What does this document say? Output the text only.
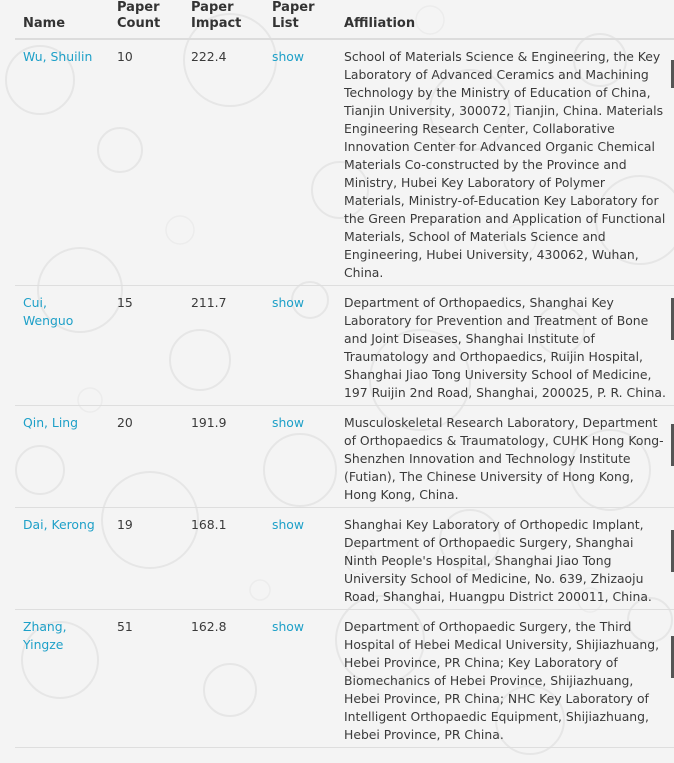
Name	Paper Count	Paper Impact	Paper List	Affiliation
Wu, Shuilin	10	222.4	show	School of Materials Science & Engineering, the Key Laboratory of Advanced Ceramics and Machining Technology by the Ministry of Education of China, Tianjin University, 300072, Tianjin, China. Materials Engineering Research Center, Collaborative Innovation Center for Advanced Organic Chemical Materials Co-constructed by the Province and Ministry, Hubei Key Laboratory of Polymer Materials, Ministry-of-Education Key Laboratory for the Green Preparation and Application of Functional Materials, School of Materials Science and Engineering, Hubei University, 430062, Wuhan, China.
Cui, Wenguo	15	211.7	show	Department of Orthopaedics, Shanghai Key Laboratory for Prevention and Treatment of Bone and Joint Diseases, Shanghai Institute of Traumatology and Orthopaedics, Ruijin Hospital, Shanghai Jiao Tong University School of Medicine, 197 Ruijin 2nd Road, Shanghai, 200025, P. R. China.
Qin, Ling	20	191.9	show	Musculoskeletal Research Laboratory, Department of Orthopaedics & Traumatology, CUHK Hong Kong-Shenzhen Innovation and Technology Institute (Futian), The Chinese University of Hong Kong, Hong Kong, China.
Dai, Kerong	19	168.1	show	Shanghai Key Laboratory of Orthopedic Implant, Department of Orthopaedic Surgery, Shanghai Ninth People's Hospital, Shanghai Jiao Tong University School of Medicine, No. 639, Zhizaoju Road, Shanghai, Huangpu District 200011, China.
Zhang, Yingze	51	162.8	show	Department of Orthopaedic Surgery, the Third Hospital of Hebei Medical University, Shijiazhuang, Hebei Province, PR China; Key Laboratory of Biomechanics of Hebei Province, Shijiazhuang, Hebei Province, PR China; NHC Key Laboratory of Intelligent Orthopaedic Equipment, Shijiazhuang, Hebei Province, PR China.
